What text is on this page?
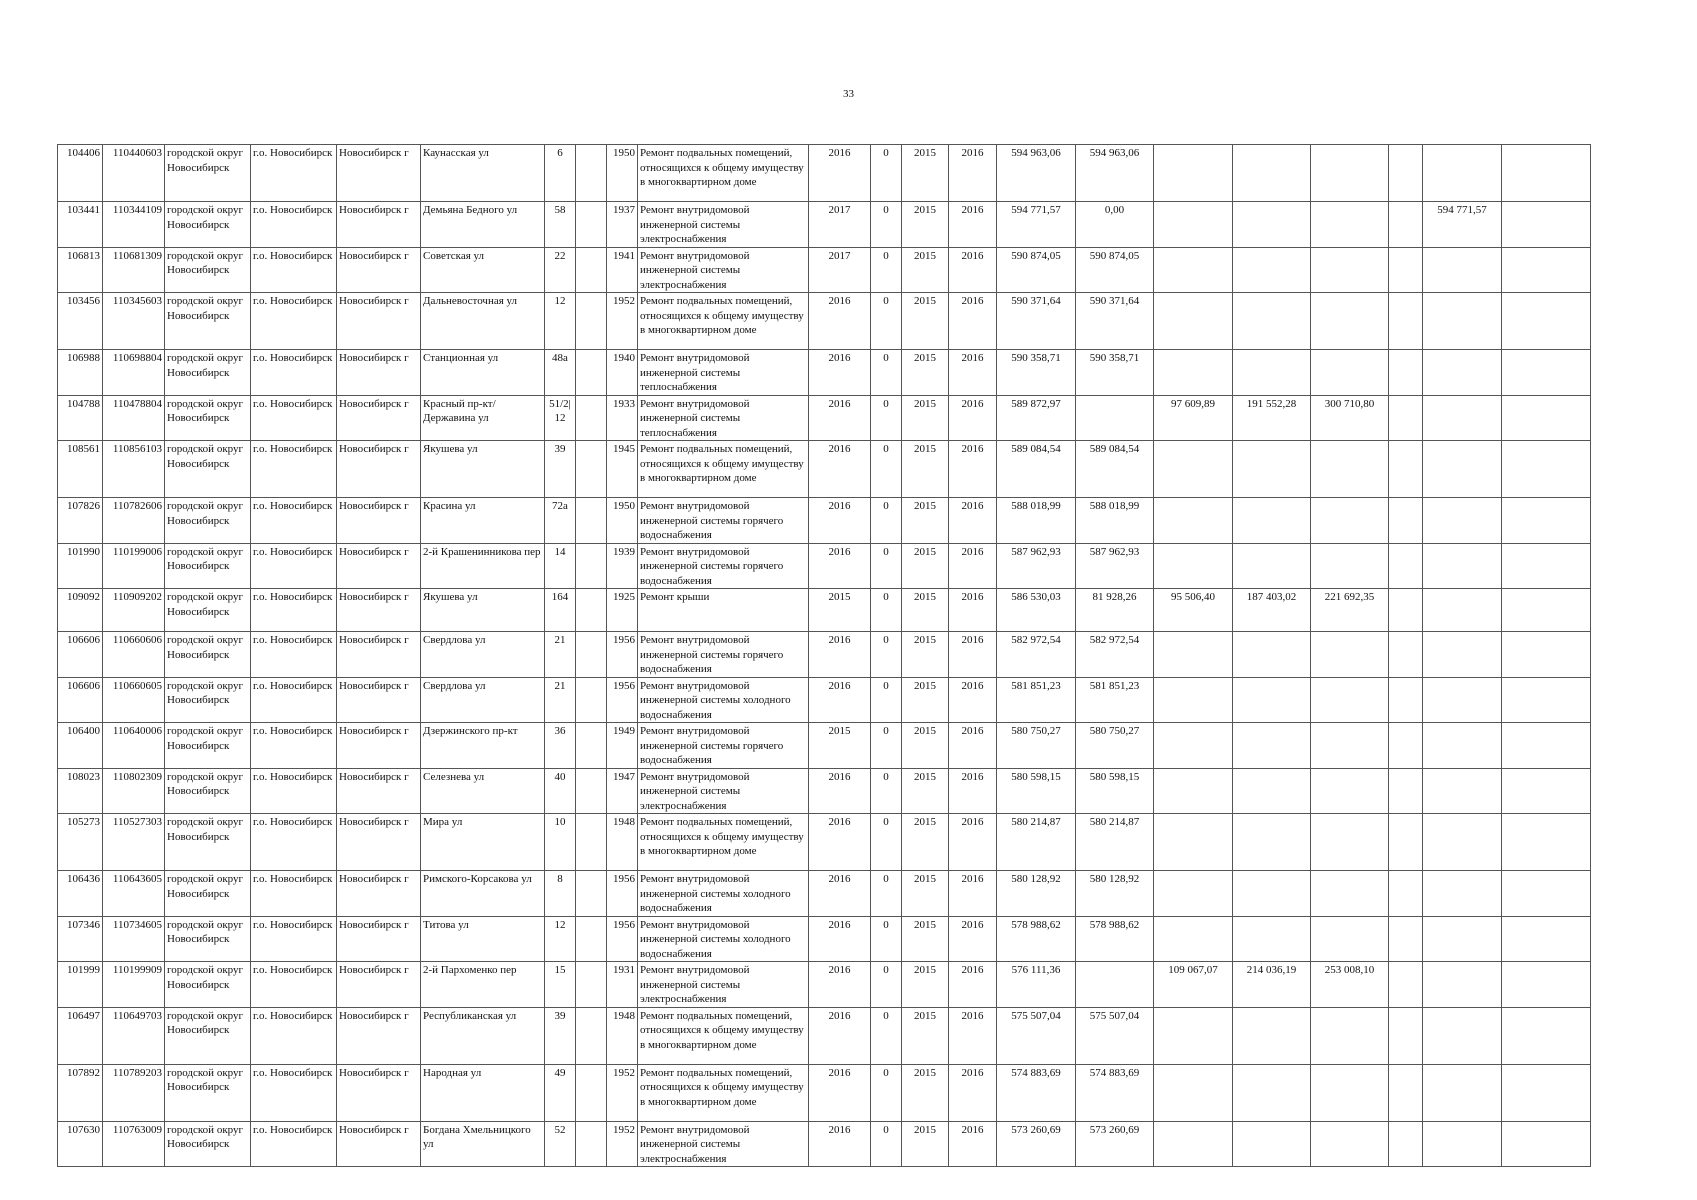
33
104406	110440603	городской округ Новосибирск	г.о. Новосибирск	Новосибирск г	Каунасская ул	6		1950	Ремонт подвальных помещений, относящихся к общему имуществу в многоквартирном доме	2016	0	2015	2016	594 963,06	594 963,06						
103441	110344109	городской округ Новосибирск	г.о. Новосибирск	Новосибирск г	Демьяна Бедного ул	58		1937	Ремонт внутридомовой инженерной системы электроснабжения	2017	0	2015	2016	594 771,57	0,00					594 771,57	
106813	110681309	городской округ Новосибирск	г.о. Новосибирск	Новосибирск г	Советская ул	22		1941	Ремонт внутридомовой инженерной системы электроснабжения	2017	0	2015	2016	590 874,05	590 874,05						
103456	110345603	городской округ Новосибирск	г.о. Новосибирск	Новосибирск г	Дальневосточная ул	12		1952	Ремонт подвальных помещений, относящихся к общему имуществу в многоквартирном доме	2016	0	2015	2016	590 371,64	590 371,64						
106988	110698804	городской округ Новосибирск	г.о. Новосибирск	Новосибирск г	Станционная ул	48а		1940	Ремонт внутридомовой инженерной системы теплоснабжения	2016	0	2015	2016	590 358,71	590 358,71						
104788	110478804	городской округ Новосибирск	г.о. Новосибирск	Новосибирск г	Красный пр-кт/Державина ул	51/2|12		1933	Ремонт внутридомовой инженерной системы теплоснабжения	2016	0	2015	2016	589 872,97		97 609,89	191 552,28	300 710,80			
108561	110856103	городской округ Новосибирск	г.о. Новосибирск	Новосибирск г	Якушева ул	39		1945	Ремонт подвальных помещений, относящихся к общему имуществу в многоквартирном доме	2016	0	2015	2016	589 084,54	589 084,54						
107826	110782606	городской округ Новосибирск	г.о. Новосибирск	Новосибирск г	Красина ул	72а		1950	Ремонт внутридомовой инженерной системы горячего водоснабжения	2016	0	2015	2016	588 018,99	588 018,99						
101990	110199006	городской округ Новосибирск	г.о. Новосибирск	Новосибирск г	2-й Крашенинникова пер	14		1939	Ремонт внутридомовой инженерной системы горячего водоснабжения	2016	0	2015	2016	587 962,93	587 962,93						
109092	110909202	городской округ Новосибирск	г.о. Новосибирск	Новосибирск г	Якушева ул	164		1925	Ремонт крыши	2015	0	2015	2016	586 530,03	81 928,26	95 506,40	187 403,02	221 692,35			
106606	110660606	городской округ Новосибирск	г.о. Новосибирск	Новосибирск г	Свердлова ул	21		1956	Ремонт внутридомовой инженерной системы горячего водоснабжения	2016	0	2015	2016	582 972,54	582 972,54						
106606	110660605	городской округ Новосибирск	г.о. Новосибирск	Новосибирск г	Свердлова ул	21		1956	Ремонт внутридомовой инженерной системы холодного водоснабжения	2016	0	2015	2016	581 851,23	581 851,23						
106400	110640006	городской округ Новосибирск	г.о. Новосибирск	Новосибирск г	Дзержинского пр-кт	36		1949	Ремонт внутридомовой инженерной системы горячего водоснабжения	2015	0	2015	2016	580 750,27	580 750,27						
108023	110802309	городской округ Новосибирск	г.о. Новосибирск	Новосибирск г	Селезнева ул	40		1947	Ремонт внутридомовой инженерной системы электроснабжения	2016	0	2015	2016	580 598,15	580 598,15						
105273	110527303	городской округ Новосибирск	г.о. Новосибирск	Новосибирск г	Мира ул	10		1948	Ремонт подвальных помещений, относящихся к общему имуществу в многоквартирном доме	2016	0	2015	2016	580 214,87	580 214,87						
106436	110643605	городской округ Новосибирск	г.о. Новосибирск	Новосибирск г	Римского-Корсакова ул	8		1956	Ремонт внутридомовой инженерной системы холодного водоснабжения	2016	0	2015	2016	580 128,92	580 128,92						
107346	110734605	городской округ Новосибирск	г.о. Новосибирск	Новосибирск г	Титова ул	12		1956	Ремонт внутридомовой инженерной системы холодного водоснабжения	2016	0	2015	2016	578 988,62	578 988,62						
101999	110199909	городской округ Новосибирск	г.о. Новосибирск	Новосибирск г	2-й Пархоменко пер	15		1931	Ремонт внутридомовой инженерной системы электроснабжения	2016	0	2015	2016	576 111,36		109 067,07	214 036,19	253 008,10			
106497	110649703	городской округ Новосибирск	г.о. Новосибирск	Новосибирск г	Республиканская ул	39		1948	Ремонт подвальных помещений, относящихся к общему имуществу в многоквартирном доме	2016	0	2015	2016	575 507,04	575 507,04						
107892	110789203	городской округ Новосибирск	г.о. Новосибирск	Новосибирск г	Народная ул	49		1952	Ремонт подвальных помещений, относящихся к общему имуществу в многоквартирном доме	2016	0	2015	2016	574 883,69	574 883,69						
107630	110763009	городской округ Новосибирск	г.о. Новосибирск	Новосибирск г	Богдана Хмельницкого ул	52		1952	Ремонт внутридомовой инженерной системы электроснабжения	2016	0	2015	2016	573 260,69	573 260,69						
